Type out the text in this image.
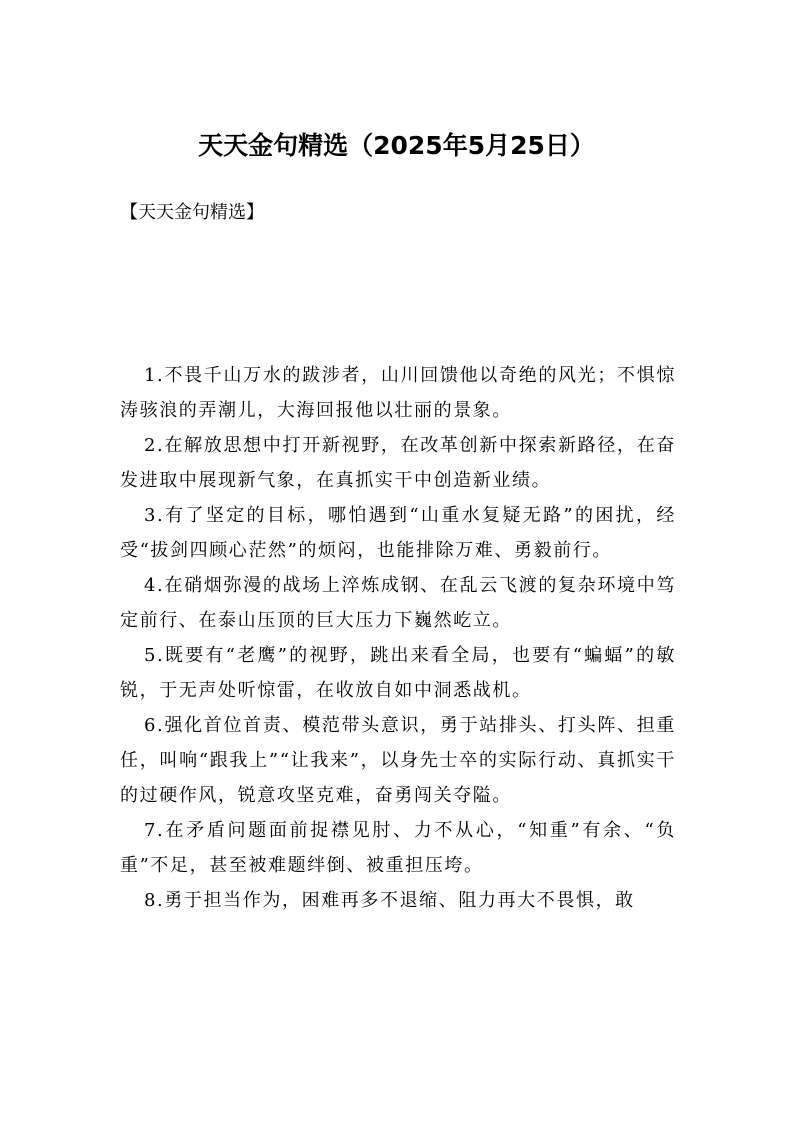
天天金句精选（2025年5月25日）

【天天金句精选】

1.不畏千山万水的跋涉者，山川回馈他以奇绝的风光；不惧惊涛骇浪的弄潮儿，大海回报他以壮丽的景象。

2.在解放思想中打开新视野，在改革创新中探索新路径，在奋发进取中展现新气象，在真抓实干中创造新业绩。

3.有了坚定的目标，哪怕遇到“山重水复疑无路”的困扰，经受“拔剑四顾心茫然”的烦闷，也能排除万难、勇毅前行。

4.在硝烟弥漫的战场上淬炼成钢、在乱云飞渡的复杂环境中笃定前行、在泰山压顶的巨大压力下巍然屹立。

5.既要有“老鹰”的视野，跳出来看全局，也要有“蝙蝠”的敏锐，于无声处听惊雷，在收放自如中洞悉战机。

6.强化首位首责、模范带头意识，勇于站排头、打头阵、担重任，叫响“跟我上”“让我来”，以身先士卒的实际行动、真抓实干的过硬作风，锐意攻坚克难，奋勇闯关夺隘。

7.在矛盾问题面前捉襟见肘、力不从心，“知重”有余、“负重”不足，甚至被难题绊倒、被重担压垮。

8.勇于担当作为，困难再多不退缩、阻力再大不畏惧，敢
